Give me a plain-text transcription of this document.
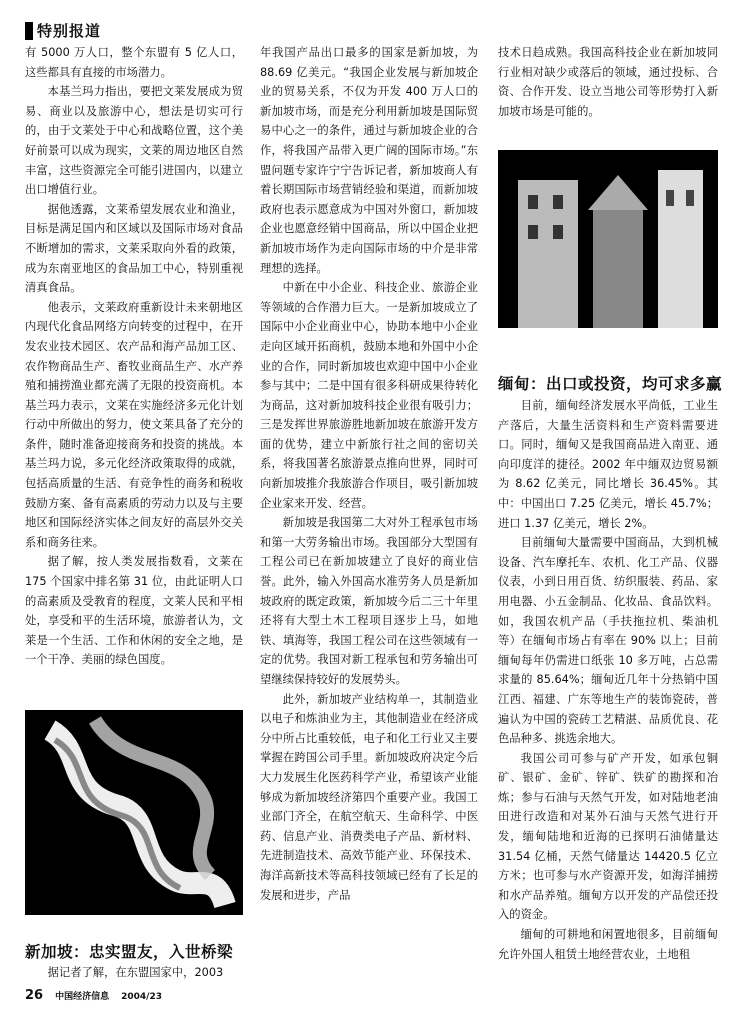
特别报道

有 5000 万人口，整个东盟有 5 亿人口，这些都具有直接的市场潜力。

本基兰玛力指出，要把文莱发展成为贸易、商业以及旅游中心，想法是切实可行的，由于文莱处于中心和战略位置，这个美好前景可以成为现实，文莱的周边地区自然丰富，这些资源完全可能引进国内，以建立出口增值行业。

据他透露，文莱希望发展农业和渔业，目标是满足国内和区域以及国际市场对食品不断增加的需求，文莱采取向外看的政策，成为东南亚地区的食品加工中心，特别重视清真食品。

他表示，文莱政府重新设计未来朝地区内现代化食品网络方向转变的过程中，在开发农业技术园区、农产品和海产品加工区、农作物商品生产、畜牧业商品生产、水产养殖和捕捞渔业都充满了无限的投资商机。本基兰玛力表示，文莱在实施经济多元化计划行动中所做出的努力，使文莱具备了充分的条件，随时准备迎接商务和投资的挑战。本基兰玛力说，多元化经济政策取得的成就，包括高质量的生活、有竞争性的商务和税收鼓励方案、备有高素质的劳动力以及与主要地区和国际经济实体之间友好的高层外交关系和商务往来。

据了解，按人类发展指数看，文莱在 175 个国家中排名第 31 位，由此证明人口的高素质及受教育的程度，文莱人民和平相处，享受和平的生活环境，旅游者认为，文莱是一个生活、工作和休闲的安全之地，是一个干净、美丽的绿色国度。

新加坡：忠实盟友，入世桥梁

据记者了解，在东盟国家中，2003

年我国产品出口最多的国家是新加坡，为 88.69 亿美元。“我国企业发展与新加坡企业的贸易关系，不仅为开发 400 万人口的新加坡市场，而是充分利用新加坡是国际贸易中心之一的条件，通过与新加坡企业的合作，将我国产品带入更广阔的国际市场。”东盟问题专家许宁宁告诉记者，新加坡商人有着长期国际市场营销经验和渠道，而新加坡政府也表示愿意成为中国对外窗口，新加坡企业也愿意经销中国商品，所以中国企业把新加坡市场作为走向国际市场的中介是非常理想的选择。

中新在中小企业、科技企业、旅游企业等领域的合作潜力巨大。一是新加坡成立了国际中小企业商业中心，协助本地中小企业走向区域开拓商机，鼓励本地和外国中小企业的合作，同时新加坡也欢迎中国中小企业参与其中；二是中国有很多科研成果待转化为商品，这对新加坡科技企业很有吸引力；三是发挥世界旅游胜地新加坡在旅游开发方面的优势，建立中新旅行社之间的密切关系，将我国著名旅游景点推向世界，同时可向新加坡推介我旅游合作项目，吸引新加坡企业家来开发、经营。

新加坡是我国第二大对外工程承包市场和第一大劳务输出市场。我国部分大型国有工程公司已在新加坡建立了良好的商业信誉。此外，输入外国高水准劳务人员是新加坡政府的既定政策，新加坡今后二三十年里还将有大型土木工程项目逐步上马，如地铁、填海等，我国工程公司在这些领域有一定的优势。我国对新工程承包和劳务输出可望继续保持较好的发展势头。

此外，新加坡产业结构单一，其制造业以电子和炼油业为主，其他制造业在经济成分中所占比重较低，电子和化工行业又主要掌握在跨国公司手里。新加坡政府决定今后大力发展生化医药科学产业，希望该产业能够成为新加坡经济第四个重要产业。我国工业部门齐全，在航空航天、生命科学、中医药、信息产业、消费类电子产品、新材料、先进制造技术、高效节能产业、环保技术、海洋高新技术等高科技领域已经有了长足的发展和进步，产品

技术日趋成熟。我国高科技企业在新加坡同行业相对缺少或落后的领域，通过投标、合资、合作开发、设立当地公司等形势打入新加坡市场是可能的。

缅甸：出口或投资，均可求多赢

目前，缅甸经济发展水平尚低，工业生产落后，大量生活资料和生产资料需要进口。同时，缅甸又是我国商品进入南亚、通向印度洋的捷径。2002 年中缅双边贸易额为 8.62 亿美元，同比增长 36.45%。其中：中国出口 7.25 亿美元，增长 45.7%；进口 1.37 亿美元，增长 2%。

目前缅甸大量需要中国商品，大到机械设备、汽车摩托车、农机、化工产品、仪器仪表，小到日用百货、纺织服装、药品、家用电器、小五金制品、化妆品、食品饮料。如，我国农机产品（手扶拖拉机、柴油机等）在缅甸市场占有率在 90% 以上；目前缅甸每年仍需进口纸张 10 多万吨，占总需求量的 85.64%；缅甸近几年十分热销中国江西、福建、广东等地生产的装饰瓷砖，普遍认为中国的瓷砖工艺精湛、品质优良、花色品种多、挑选余地大。

我国公司可参与矿产开发，如承包铜矿、银矿、金矿、锌矿、铁矿的勘探和冶炼；参与石油与天然气开发，如对陆地老油田进行改造和对某外石油与天然气进行开发，缅甸陆地和近海的已探明石油储量达 31.54 亿桶，天然气储量达 14420.5 亿立方米；也可参与水产资源开发，如海洋捕捞和水产品养殖。缅甸方以开发的产品偿还投入的资金。

缅甸的可耕地和闲置地很多，目前缅甸允许外国人租赁土地经营农业，土地租

26 中国经济信息 2004/23
